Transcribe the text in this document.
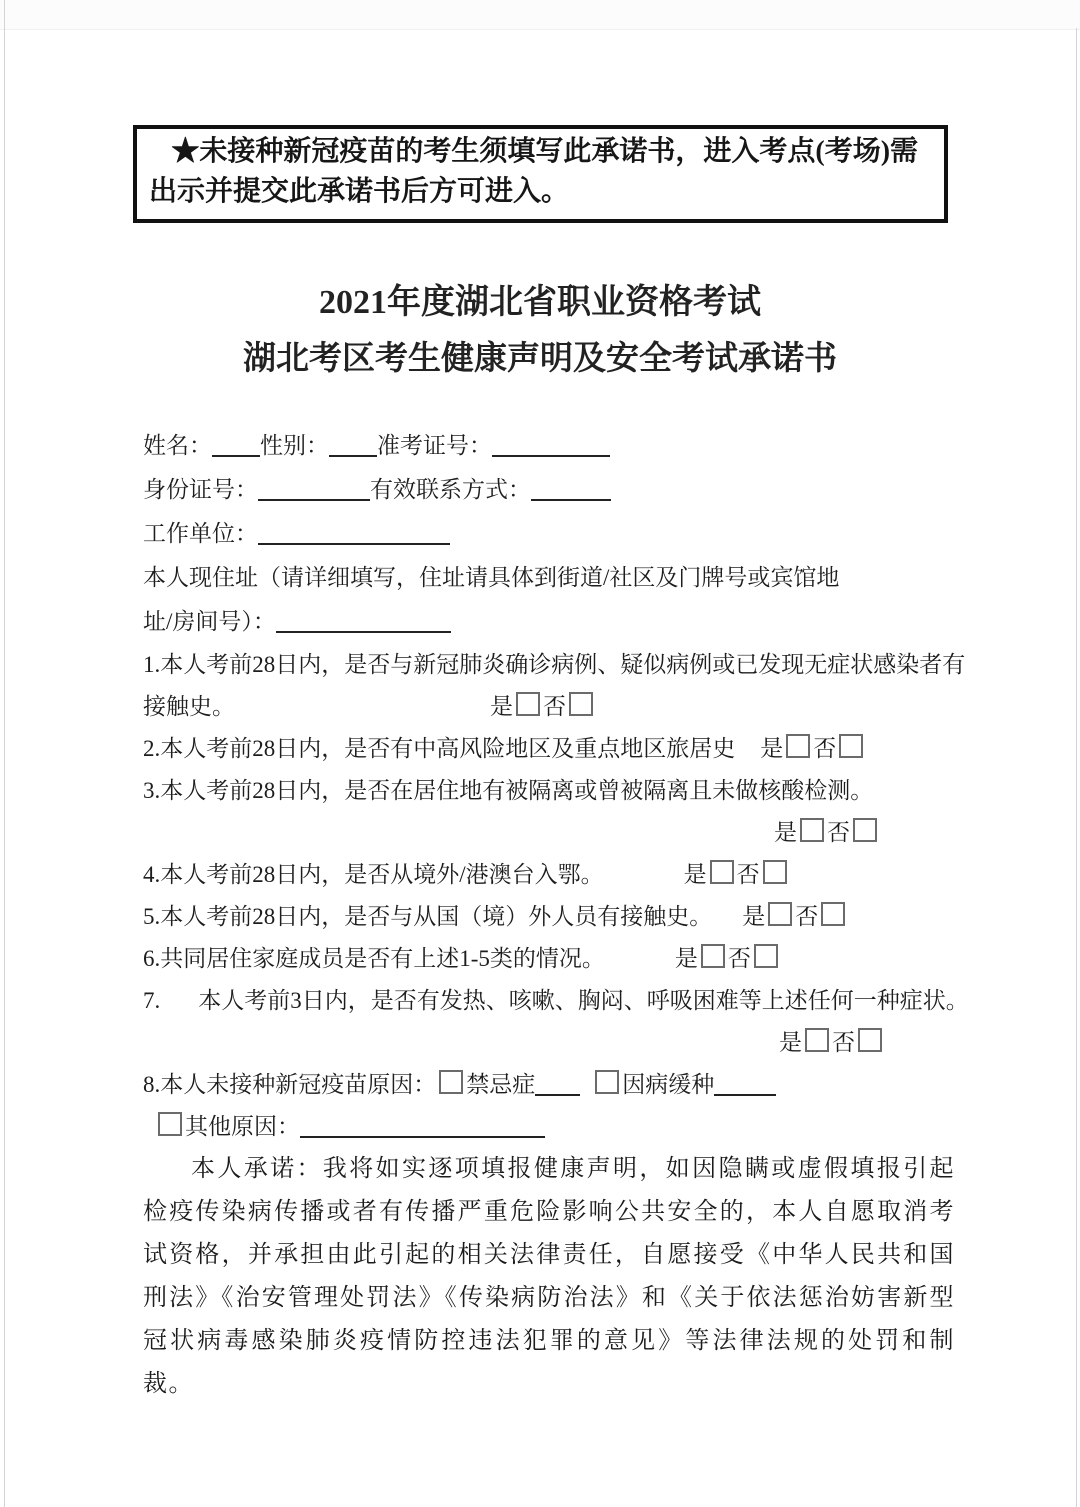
★未接种新冠疫苗的考生须填写此承诺书，进入考点(考场)需出示并提交此承诺书后方可进入。

2021年度湖北省职业资格考试
湖北考区考生健康声明及安全考试承诺书

姓名： 性别： 准考证号：

身份证号：	有效联系方式：

工作单位：

本人现住址（请详细填写，住址请具体到街道/社区及门牌号或宾馆地

址/房间号）：

1.本人考前28日内，是否与新冠肺炎确诊病例、疑似病例或已发现无症状感染者有

接触史。	是 否

2.本人考前28日内，是否有中高风险地区及重点地区旅居史 是 否

3.本人考前28日内，是否在居住地有被隔离或曾被隔离且未做核酸检测。

是 否

4.本人考前28日内，是否从境外/港澳台入鄂。	是 否

5.本人考前28日内，是否与从国（境）外人员有接触史。 是 否

6.共同居住家庭成员是否有上述1-5类的情况。	是 否

7. 本人考前3日内，是否有发热、咳嗽、胸闷、呼吸困难等上述任何一种症状。

是 否

8.本人未接种新冠疫苗原因： 禁忌症	因病缓种

其他原因：

本人承诺：我将如实逐项填报健康声明，如因隐瞒或虚假填报引起检疫传染病传播或者有传播严重危险影响公共安全的，本人自愿取消考试资格，并承担由此引起的相关法律责任，自愿接受《中华人民共和国刑法》《治安管理处罚法》《传染病防治法》和《关于依法惩治妨害新型冠状病毒感染肺炎疫情防控违法犯罪的意见》等法律法规的处罚和制裁。
